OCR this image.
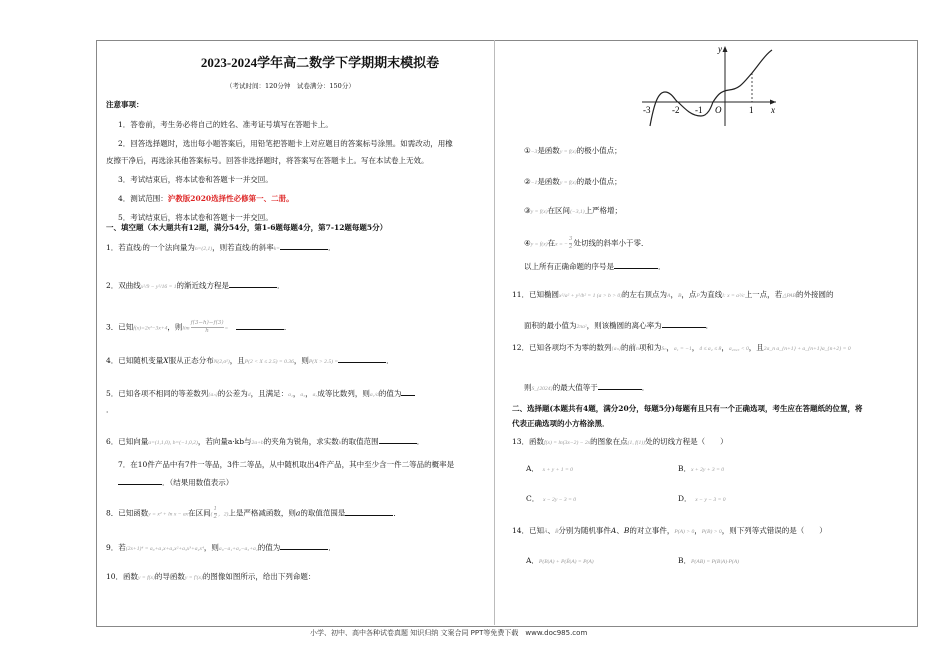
2023-2024学年高二数学下学期期末模拟卷
（考试时间：120分钟　试卷满分：150分）
注意事项：
1．答卷前，考生务必将自己的姓名、准考证号填写在答题卡上。
2．回答选择题时，选出每小题答案后，用铅笔把答题卡上对应题目的答案标号涂黑。如需改动，用橡
皮擦干净后，再选涂其他答案标号。回答非选择题时，将答案写在答题卡上。写在本试卷上无效。
3．考试结束后，将本试卷和答题卡一并交回。
4．测试范围：沪教版2020选择性必修第一、二册。
5．考试结束后，将本试卷和答题卡一并交回。
一、填空题（本大题共有12题，满分54分，第1-6题每题4分，第7-12题每题5分）
1．若直线l的一个法向量为n=(2,1)，则若直线l的斜率k=	．
2．双曲线x²/9 − y²/16 = 1的渐近线方程是	．
3．已知f(x)=2x²−3x+4，则$\lim \frac{f(3-h)-f(3)}{h}$ =　	．
4．已知随机变量X服从正态分布N(2,σ²)，且P(2 < X ≤ 2.5) = 0.36，则P(X > 2.5) =	．
5．已知各项不相同的等差数列{aₙ}的公差为d，且满足：a₁，a₃，a₇成等比数列，则a₁/d的值为
．
6．已知向量a=(1,1,0), b=(−1,0,2)，若向量a·kb与2a+b的夹角为锐角，求实数k的取值范围	．
7．在10件产品中有7件一等品，3件二等品，从中随机取出4件产品，其中至少含一件二等品的概率是
．（结果用数值表示）
8．已知函数y = x² + ln x − ax在区间( $\frac{1}{2}$ ，2)上是严格减函数，则a的取值范围是	．
9．若(2x+1)⁴ = a₀+a₁x+a₂x²+a₃x³+a₄x⁴，则a₀−a₁+a₂−a₃+a₄的值为	．
10．函数y = f(x)的导函数y = f'(x)的图像如图所示，给出下列命题：
-3 -2 -1 O	1 x
y
①−3是函数y = f(x)的极小值点；
②−1是函数y = f(x)的最小值点；
③y = f(x)在区间(−3,1)上严格增；
④y = f(x)在x = − $\frac{3}{2}$ 处切线的斜率小于零．
以上所有正确命题的序号是	．
11．已知椭圆x²/a² + y²/b² = 1 (a > b > 0)的左右顶点为A，B，点P为直线l: x = a²/c上一点，若△PAB的外接圆的
面积的最小值为2πa²，则该椭圆的离心率为	．
12．已知各项均不为零的数列{aₙ}的前n项和为Sₙ，a₁ = −1，4 ≤ a₂ ≤ 8，a₂₀₂₃ < 0，且2a_n a_{n+1} + a_{n+1}a_{n+2} = 0
则S_{2024}的最大值等于	．
二、选择题(本题共有4题，满分20分，每题5分)每题有且只有一个正确选项，考生应在答题纸的位置，将
代表正确选项的小方格涂黑．
13．函数f(x) = ln(3x−2) − 2x的图象在点(1, f(1))处的切线方程是（　　）
A．　 x + y + 1 = 0	B．x + 2y + 3 = 0
C．　 x − 2y − 3 = 0	D．　 x − y − 3 = 0
14．已知Ā、B̄分别为随机事件A、B的对立事件，P(A) > 0，P(B) > 0，则下列等式错误的是（　　）
A．P(B|A) + P(B̄|A) = P(A)	B．P(AB) = P(B|A)·P(A)
小学、初中、高中各种试卷真题 知识归纳 文案合同 PPT等免费下载　www.doc985.com
